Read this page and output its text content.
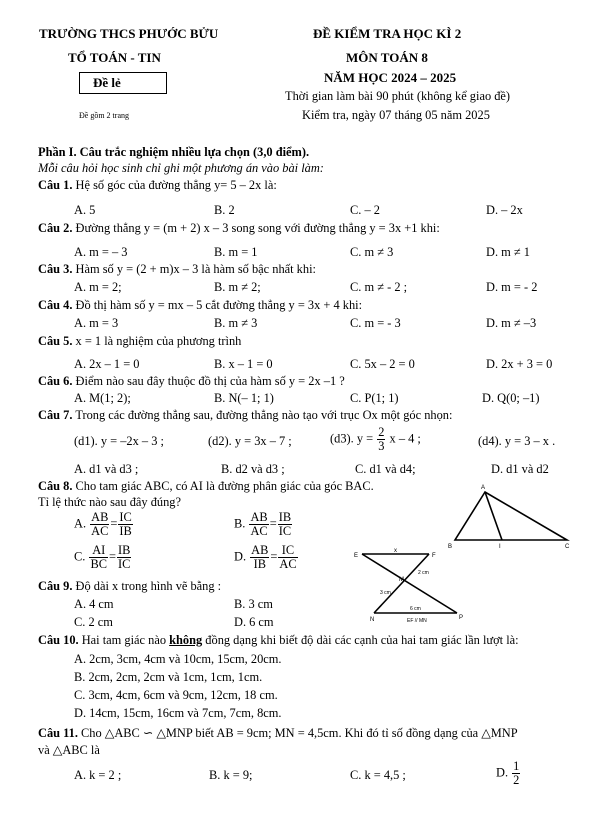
TRƯỜNG THCS PHƯỚC BỬU
TỔ TOÁN - TIN
Đề lẻ
Đề gồm 2 trang
ĐỀ KIỂM TRA HỌC KÌ 2
MÔN TOÁN 8
NĂM HỌC 2024 – 2025
Thời gian làm bài 90 phút (không kể giao đề)
Kiểm tra, ngày 07 tháng 05 năm 2025
Phần I. Câu trắc nghiệm nhiều lựa chọn (3,0 điểm).
Mỗi câu hỏi học sinh chỉ ghi một phương án vào bài làm:
Câu 1. Hệ số góc của đường thẳng y= 5 – 2x là:
A. 5	B. 2	C. – 2	D. – 2x
Câu 2. Đường thẳng y = (m + 2) x – 3 song song với đường thẳng y = 3x +1 khi:
A. m = – 3	B. m = 1	C. m ≠ 3	D. m ≠ 1
Câu 3. Hàm số y = (2 + m)x – 3 là hàm số bậc nhất khi:
A. m = 2;	B. m ≠ 2;	C. m ≠ - 2 ;	D. m = - 2
Câu 4. Đồ thị hàm số y = mx – 5 cắt đường thẳng y = 3x + 4 khi:
A. m = 3	B. m ≠ 3	C. m = - 3	D. m ≠ –3
Câu 5. x = 1 là nghiệm của phương trình
A. 2x – 1 = 0	B. x – 1 = 0	C. 5x – 2 = 0	D. 2x + 3 = 0
Câu 6. Điểm nào sau đây thuộc đồ thị của hàm số y = 2x –1 ?
A. M(1; 2);	B. N(– 1; 1)	C. P(1; 1)	D. Q(0; –1)
Câu 7. Trong các đường thẳng sau, đường thẳng nào tạo với trục Ox một góc nhọn:
(d1). y = –2x – 3 ;	(d2). y = 3x – 7 ;	(d3). $y = \frac{2}{3}$ x – 4 ;	(d4). y = 3 – x .
A. d1 và d3 ;	B. d2 và d3 ;	C. d1 và d4;	D. d1 và d2
Câu 8. Cho tam giác ABC, có AI là đường phân giác của góc BAC.
Tỉ lệ thức nào sau đây đúng?
A. $\frac{AB}{AC} = \frac{IC}{IB}$	B. $\frac{AB}{AC} = \frac{IB}{IC}$
C. $\frac{AI}{BC} = \frac{IB}{IC}$	D. $\frac{AB}{IB} = \frac{IC}{AC}$
A
B	I	C
E
x
F
2 cm
M
3 cm
6 cm
N	P
EF // MN
Câu 9. Độ dài x trong hình vẽ bằng :
A. 4 cm	B. 3 cm
C. 2 cm	D. 6 cm
Câu 10. Hai tam giác nào không đồng dạng khi biết độ dài các cạnh của hai tam giác lần lượt là:
A. 2cm, 3cm, 4cm và 10cm, 15cm, 20cm.
B. 2cm, 2cm, 2cm và 1cm, 1cm, 1cm.
C. 3cm, 4cm, 6cm và 9cm, 12cm, 18 cm.
D. 14cm, 15cm, 16cm và 7cm, 7cm, 8cm.
Câu 11. Cho △ABC ∽ △MNP biết AB = 9cm; MN = 4,5cm. Khi đó tỉ số đồng dạng của △MNP
và △ABC là
A. k = 2 ;	B. k = 9;	C. k = 4,5 ;	D. $\frac{1}{2}$
